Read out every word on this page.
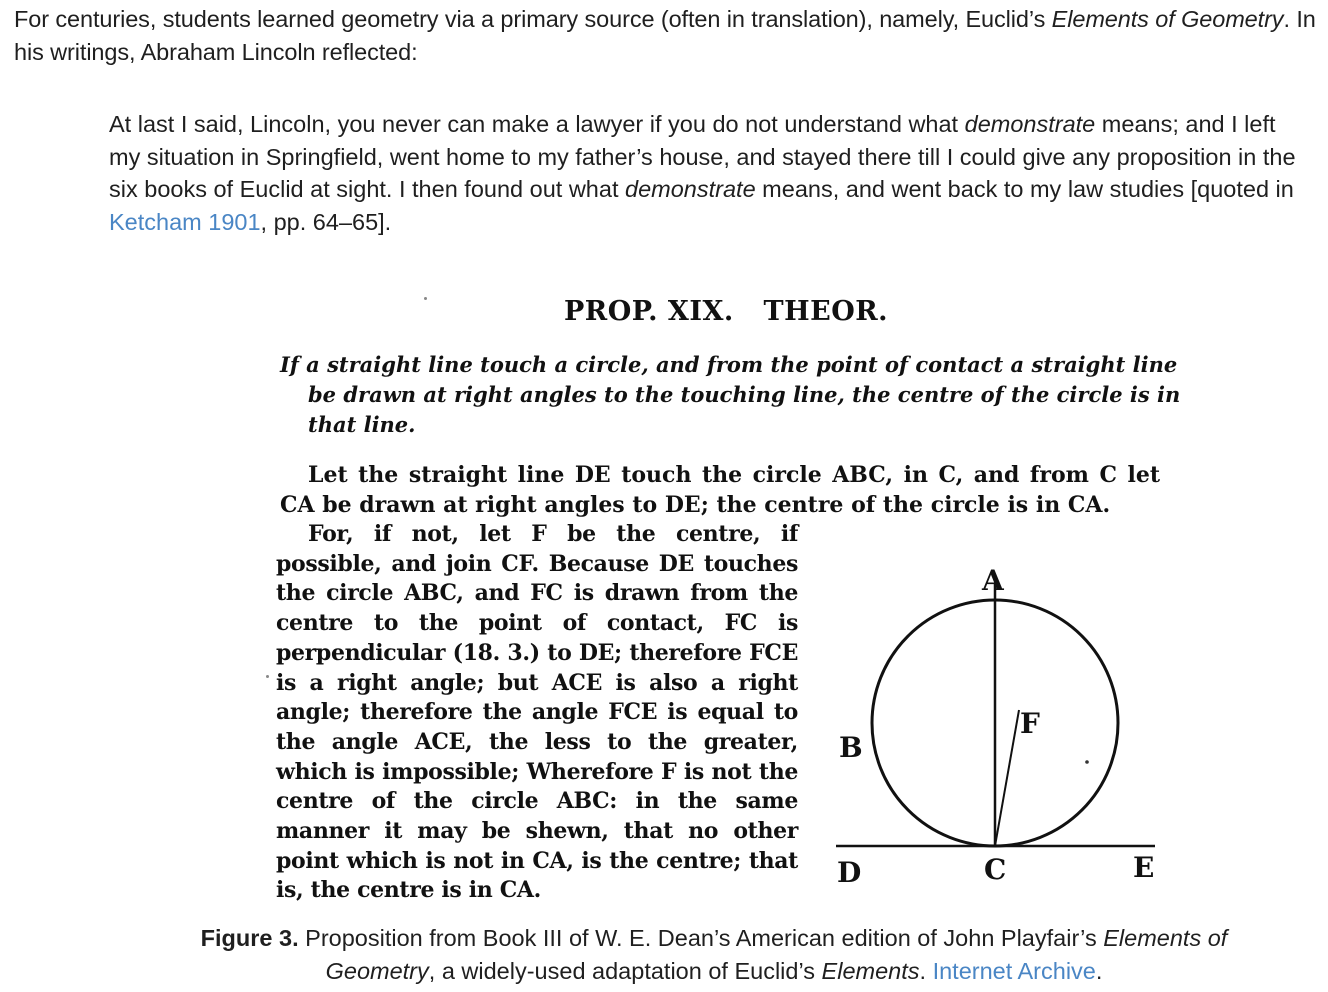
For centuries, students learned geometry via a primary source (often in translation), namely, Euclid’s Elements of Geometry. In his writings, Abraham Lincoln reflected:

At last I said, Lincoln, you never can make a lawyer if you do not understand what demonstrate means; and I left my situation in Springfield, went home to my father’s house, and stayed there till I could give any proposition in the six books of Euclid at sight. I then found out what demonstrate means, and went back to my law studies [quoted in Ketcham 1901, pp. 64–65].
PROP. XIX.   THEOR.

If a straight line touch a circle, and from the point of contact a straight line be drawn at right angles to the touching line, the centre of the circle is in that line.

Let the straight line DE touch the circle ABC, in C, and from C let CA be drawn at right angles to DE; the centre of the circle is in CA.

For, if not, let F be the centre, if possible, and join CF. Because DE touches the circle ABC, and FC is drawn from the centre to the point of contact, FC is perpendicular (18. 3.) to DE; therefore FCE is a right angle; but ACE is also a right angle; therefore the angle FCE is equal to the angle ACE, the less to the greater, which is impossible; Wherefore F is not the centre of the circle ABC: in the same manner it may be shewn, that no other point which is not in CA, is the centre; that is, the centre is in CA.

A
B
C
D	E
F

Figure 3. Proposition from Book III of W. E. Dean’s American edition of John Playfair’s Elements of Geometry, a widely-used adaptation of Euclid’s Elements. Internet Archive.
